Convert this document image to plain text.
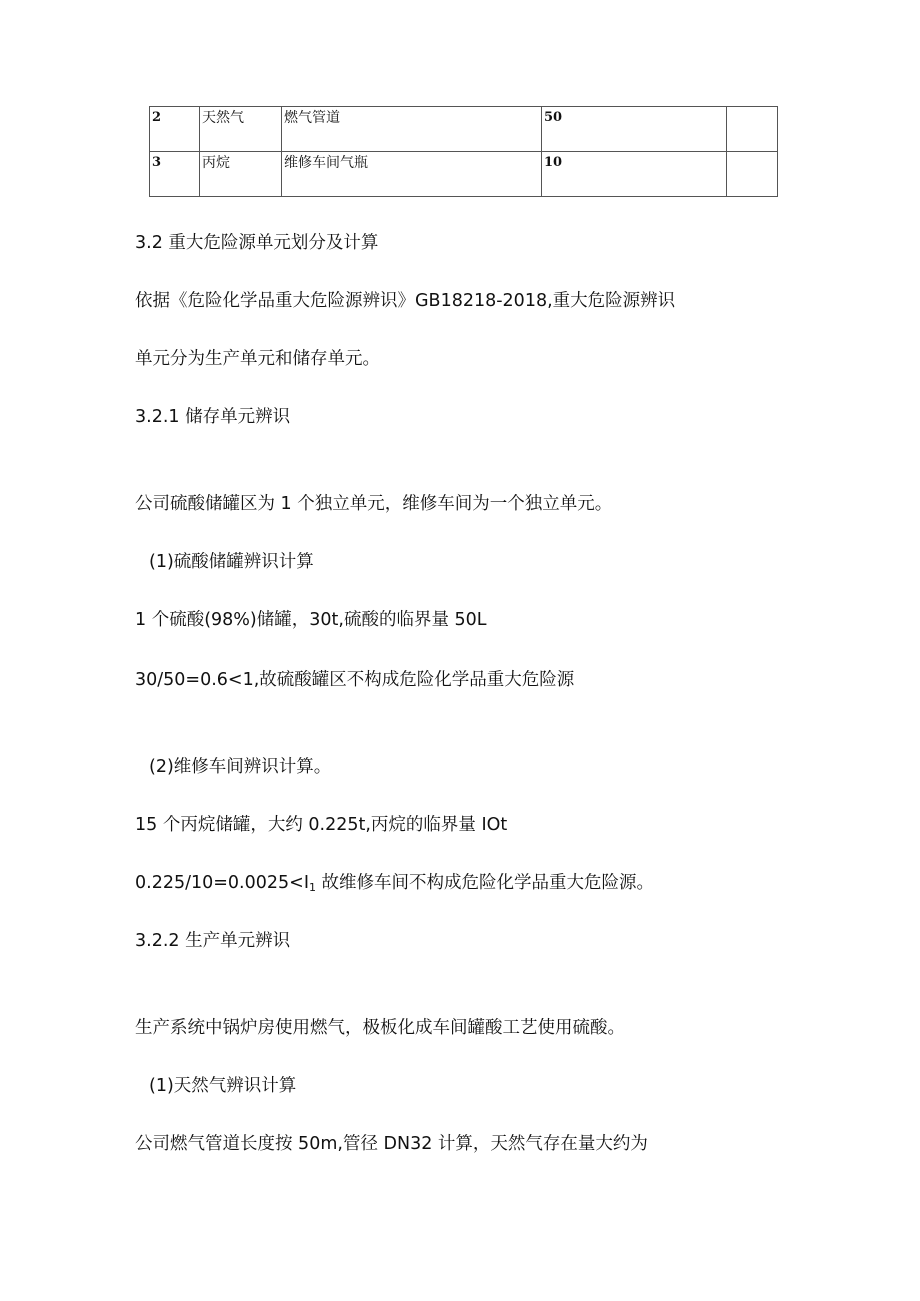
2	天然气	燃气管道	50	
3	丙烷	维修车间气瓶	10	
3.2 重大危险源单元划分及计算
依据《危险化学品重大危险源辨识》GB18218-2018,重大危险源辨识
单元分为生产单元和储存单元。
3.2.1 储存单元辨识
公司硫酸储罐区为 1 个独立单元，维修车间为一个独立单元。
(1)硫酸储罐辨识计算
1 个硫酸(98%)储罐，30t,硫酸的临界量 50L
30/50=0.6<1,故硫酸罐区不构成危险化学品重大危险源
(2)维修车间辨识计算。
15 个丙烷储罐，大约 0.225t,丙烷的临界量 IOt
$0.225/10=0.0025<I_1$ 故维修车间不构成危险化学品重大危险源。
3.2.2 生产单元辨识
生产系统中锅炉房使用燃气，极板化成车间罐酸工艺使用硫酸。
(1)天然气辨识计算
公司燃气管道长度按 50m,管径 DN32 计算，天然气存在量大约为
